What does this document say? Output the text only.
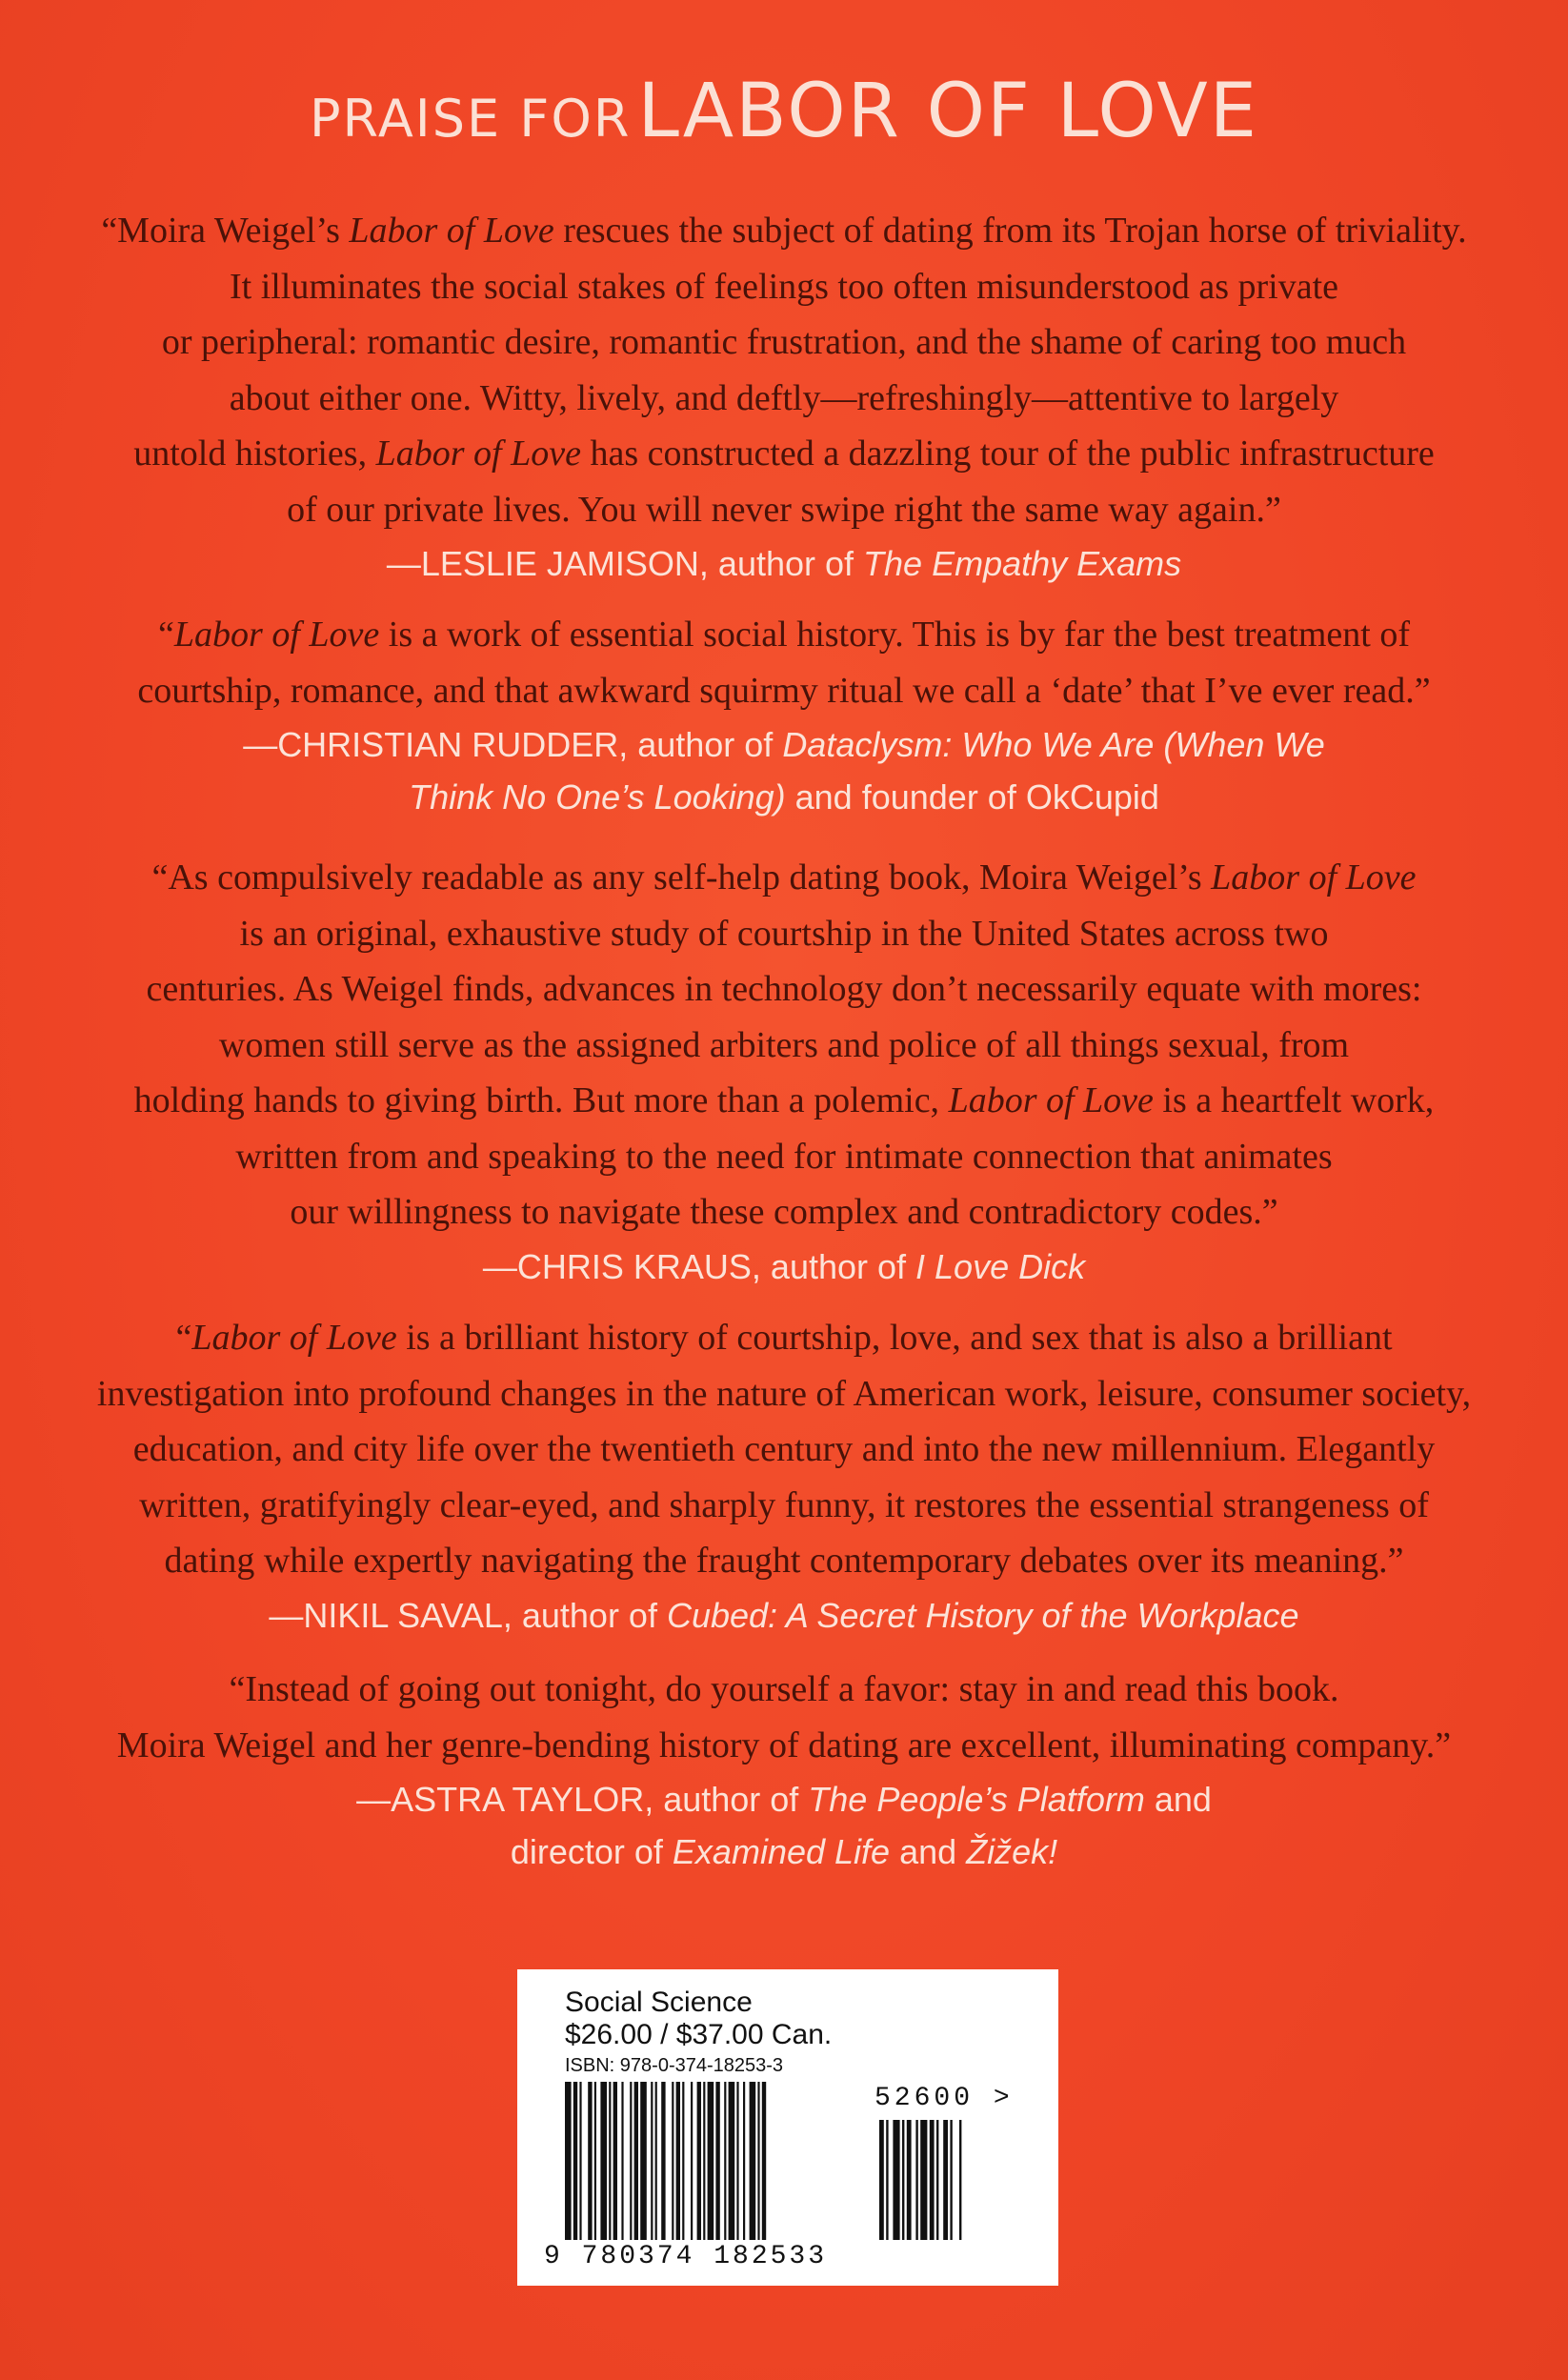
PRAISE FOR LABOR OF LOVE

“Moira Weigel’s Labor of Love rescues the subject of dating from its Trojan horse of triviality.
It illuminates the social stakes of feelings too often misunderstood as private
or peripheral: romantic desire, romantic frustration, and the shame of caring too much
about either one. Witty, lively, and deftly—refreshingly—attentive to largely
untold histories, Labor of Love has constructed a dazzling tour of the public infrastructure
of our private lives. You will never swipe right the same way again.”

—LESLIE JAMISON, author of The Empathy Exams

“Labor of Love is a work of essential social history. This is by far the best treatment of
courtship, romance, and that awkward squirmy ritual we call a ‘date’ that I’ve ever read.”

—CHRISTIAN RUDDER, author of Dataclysm: Who We Are (When We
Think No One’s Looking) and founder of OkCupid

“As compulsively readable as any self-help dating book, Moira Weigel’s Labor of Love
is an original, exhaustive study of courtship in the United States across two
centuries. As Weigel finds, advances in technology don’t necessarily equate with mores:
women still serve as the assigned arbiters and police of all things sexual, from
holding hands to giving birth. But more than a polemic, Labor of Love is a heartfelt work,
written from and speaking to the need for intimate connection that animates
our willingness to navigate these complex and contradictory codes.”

—CHRIS KRAUS, author of I Love Dick

“Labor of Love is a brilliant history of courtship, love, and sex that is also a brilliant
investigation into profound changes in the nature of American work, leisure, consumer society,
education, and city life over the twentieth century and into the new millennium. Elegantly
written, gratifyingly clear-eyed, and sharply funny, it restores the essential strangeness of
dating while expertly navigating the fraught contemporary debates over its meaning.”

—NIKIL SAVAL, author of Cubed: A Secret History of the Workplace

“Instead of going out tonight, do yourself a favor: stay in and read this book.
Moira Weigel and her genre-bending history of dating are excellent, illuminating company.”

—ASTRA TAYLOR, author of The People’s Platform and
director of Examined Life and Žižek!

Social Science

$26.00 / $37.00 Can.

ISBN: 978-0-374-18253-3

52600 >
9 780374 182533
